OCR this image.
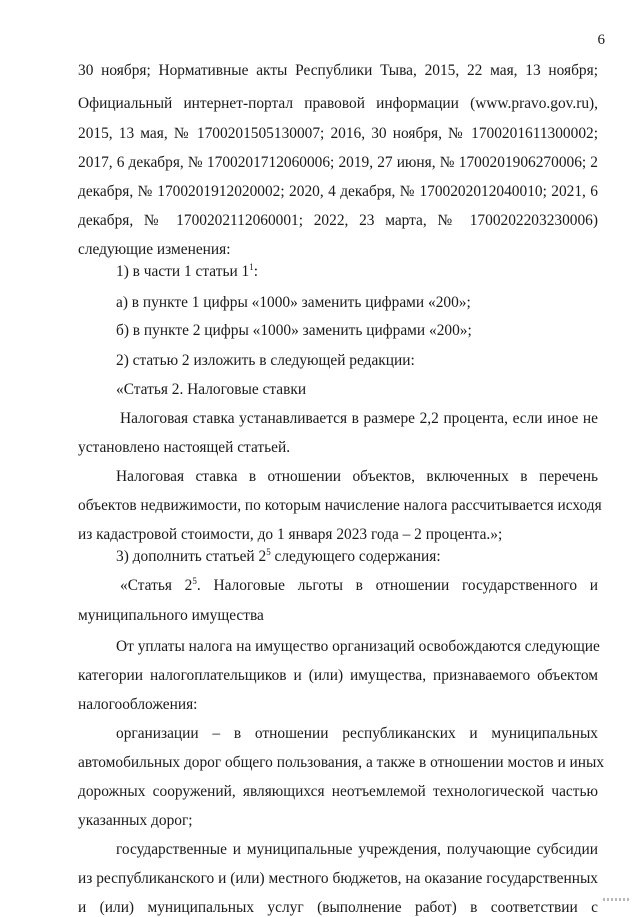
6
30 ноября; Нормативные акты Республики Тыва, 2015, 22 мая, 13 ноября;
Официальный интернет-портал правовой информации (www.pravo.gov.ru),
2015, 13 мая, № 1700201505130007; 2016, 30 ноября, № 1700201611300002;
2017, 6 декабря, № 1700201712060006; 2019, 27 июня, № 1700201906270006; 2
декабря, № 1700201912020002; 2020, 4 декабря, № 1700202012040010; 2021, 6
декабря, № 1700202112060001; 2022, 23 марта, № 1700202203230006)
следующие изменения:
1) в части 1 статьи $1^1$:
а) в пункте 1 цифры «1000» заменить цифрами «200»;
б) в пункте 2 цифры «1000» заменить цифрами «200»;
2) статью 2 изложить в следующей редакции:
«Статья 2. Налоговые ставки
Налоговая ставка устанавливается в размере 2,2 процента, если иное не
установлено настоящей статьей.
Налоговая ставка в отношении объектов, включенных в перечень
объектов недвижимости, по которым начисление налога рассчитывается исходя
из кадастровой стоимости, до 1 января 2023 года – 2 процента.»;
3) дополнить статьей $2^5$ следующего содержания:
«Статья $2^5$. Налоговые льготы в отношении государственного и
муниципального имущества
От уплаты налога на имущество организаций освобождаются следующие
категории налогоплательщиков и (или) имущества, признаваемого объектом
налогообложения:
организации – в отношении республиканских и муниципальных
автомобильных дорог общего пользования, а также в отношении мостов и иных
дорожных сооружений, являющихся неотъемлемой технологической частью
указанных дорог;
государственные и муниципальные учреждения, получающие субсидии
из республиканского и (или) местного бюджетов, на оказание государственных
и (или) муниципальных услуг (выполнение работ) в соответствии с
